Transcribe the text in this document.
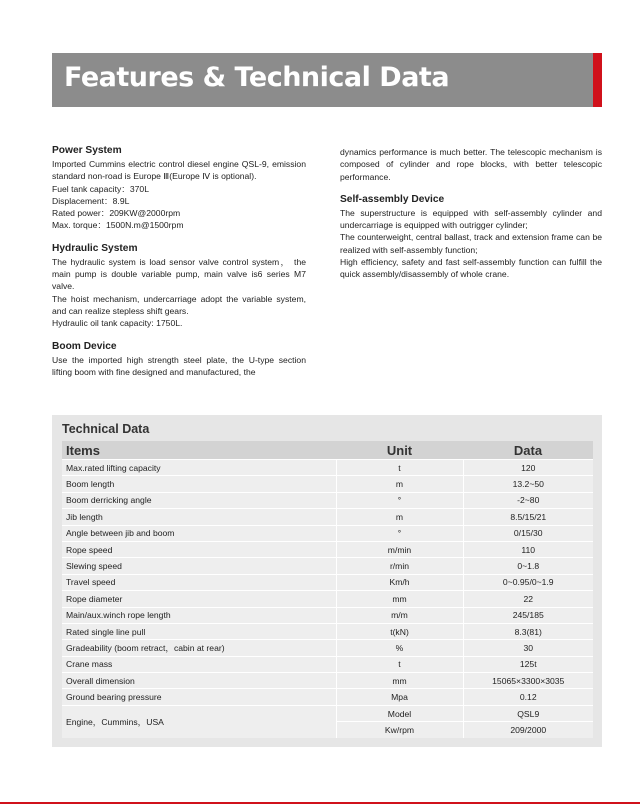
Features & Technical Data
Power System

Imported Cummins electric control diesel engine QSL-9, emission standard non-road is Europe Ⅲ(Europe Ⅳ is optional).

Fuel tank capacity：370L

Displacement：8.9L

Rated power：209KW@2000rpm

Max. torque：1500N.m@1500rpm

Hydraulic System

The hydraulic system is load sensor valve control system， the main pump is double variable pump, main valve is6 series M7 valve.

The hoist mechanism, undercarriage adopt the variable system, and can realize stepless shift gears.

Hydraulic oil tank capacity: 1750L.

Boom Device

Use the imported high strength steel plate, the U-type section lifting boom with fine designed and manufactured, the

dynamics performance is much better. The telescopic mechanism is composed of cylinder and rope blocks, with better telescopic performance.

Self-assembly Device

The superstructure is equipped with self-assembly cylinder and undercarriage is equipped with outrigger cylinder;

The counterweight, central ballast, track and extension frame can be realized with self-assembly function;

High efficiency, safety and fast self-assembly function can fulfill the quick assembly/disassembly of whole crane.

Technical Data
Items	Unit	Data
Max.rated lifting capacity	t	120
Boom length	m	13.2~50
Boom derricking angle	°	-2~80
Jib length	m	8.5/15/21
Angle between jib and boom	°	0/15/30
Rope speed	m/min	110
Slewing speed	r/min	0~1.8
Travel speed	Km/h	0~0.95/0~1.9
Rope diameter	mm	22
Main/aux.winch rope length	m/m	245/185
Rated single line pull	t(kN)	8.3(81)
Gradeability (boom retract，cabin at rear)	%	30
Crane mass	t	125t
Overall dimension	mm	15065×3300×3035
Ground bearing pressure	Mpa	0.12
Engine，Cummins，USA	Model	QSL9
	Kw/rpm	209/2000
